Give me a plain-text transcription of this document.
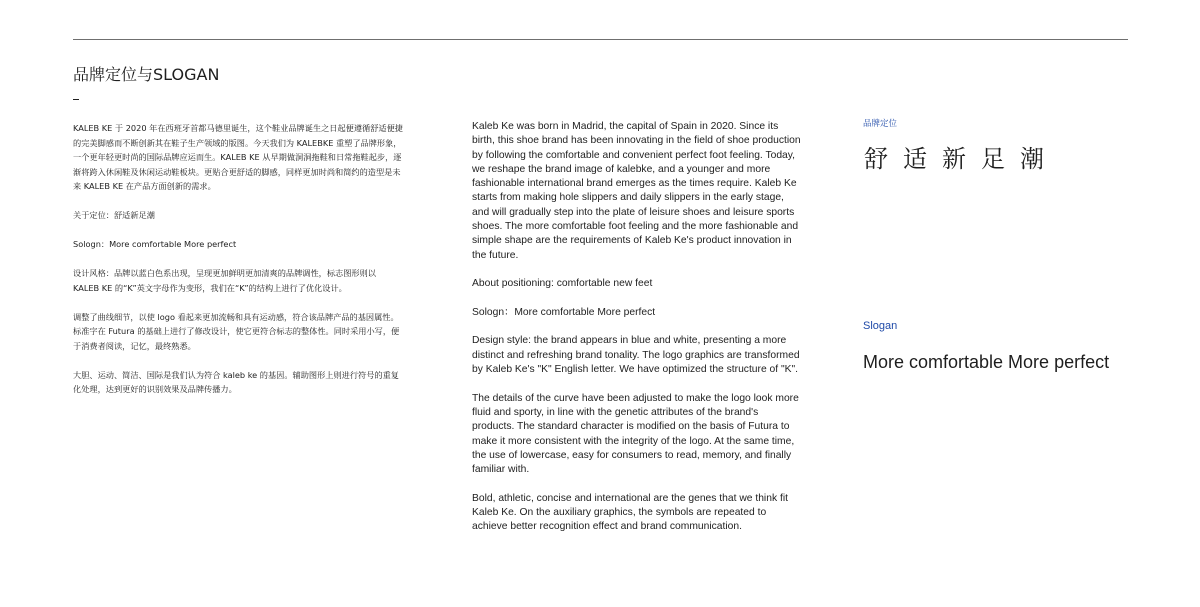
品牌定位与SLOGAN

KALEB KE 于 2020 年在西班牙首都马德里诞生，这个鞋业品牌诞生之日起便遵循舒适便捷的完美脚感而不断创新其在鞋子生产领域的版图。今天我们为 KALEBKE 重塑了品牌形象，一个更年轻更时尚的国际品牌应运而生。KALEB KE 从早期做洞洞拖鞋和日常拖鞋起步，逐渐将跨入休闲鞋及休闲运动鞋板块。更贴合更舒适的脚感，同样更加时尚和简约的造型是未来 KALEB KE 在产品方面创新的需求。

关于定位：舒适新足潮

Sologn：More comfortable More perfect

设计风格：品牌以蓝白色系出现，呈现更加鲜明更加清爽的品牌调性，标志图形则以 KALEB KE 的“K”英文字母作为变形，我们在“K”的结构上进行了优化设计。

调整了曲线细节，以使 logo 看起来更加流畅和具有运动感，符合该品牌产品的基因属性。标准字在 Futura 的基础上进行了修改设计，使它更符合标志的整体性。同时采用小写，便于消费者阅读，记忆，最终熟悉。

大胆、运动、简洁、国际是我们认为符合 kaleb ke 的基因。辅助图形上则进行符号的重复化处理，达到更好的识别效果及品牌传播力。

Kaleb Ke was born in Madrid, the capital of Spain in 2020. Since its birth, this shoe brand has been innovating in the field of shoe production by following the comfortable and convenient perfect foot feeling. Today, we reshape the brand image of kalebke, and a younger and more fashionable international brand emerges as the times require. Kaleb Ke starts from making hole slippers and daily slippers in the early stage, and will gradually step into the plate of leisure shoes and leisure sports shoes. The more comfortable foot feeling and the more fashionable and simple shape are the requirements of Kaleb Ke's product innovation in the future.

About positioning: comfortable new feet

Sologn：More comfortable More perfect

Design style: the brand appears in blue and white, presenting a more distinct and refreshing brand tonality. The logo graphics are transformed by Kaleb Ke's "K" English letter. We have optimized the structure of "K".

The details of the curve have been adjusted to make the logo look more fluid and sporty, in line with the genetic attributes of the brand's products. The standard character is modified on the basis of Futura to make it more consistent with the integrity of the logo. At the same time, the use of lowercase, easy for consumers to read, memory, and finally familiar with.

Bold, athletic, concise and international are the genes that we think fit Kaleb Ke. On the auxiliary graphics, the symbols are repeated to achieve better recognition effect and brand communication.

品牌定位

舒适新足潮

Slogan

More comfortable More perfect
